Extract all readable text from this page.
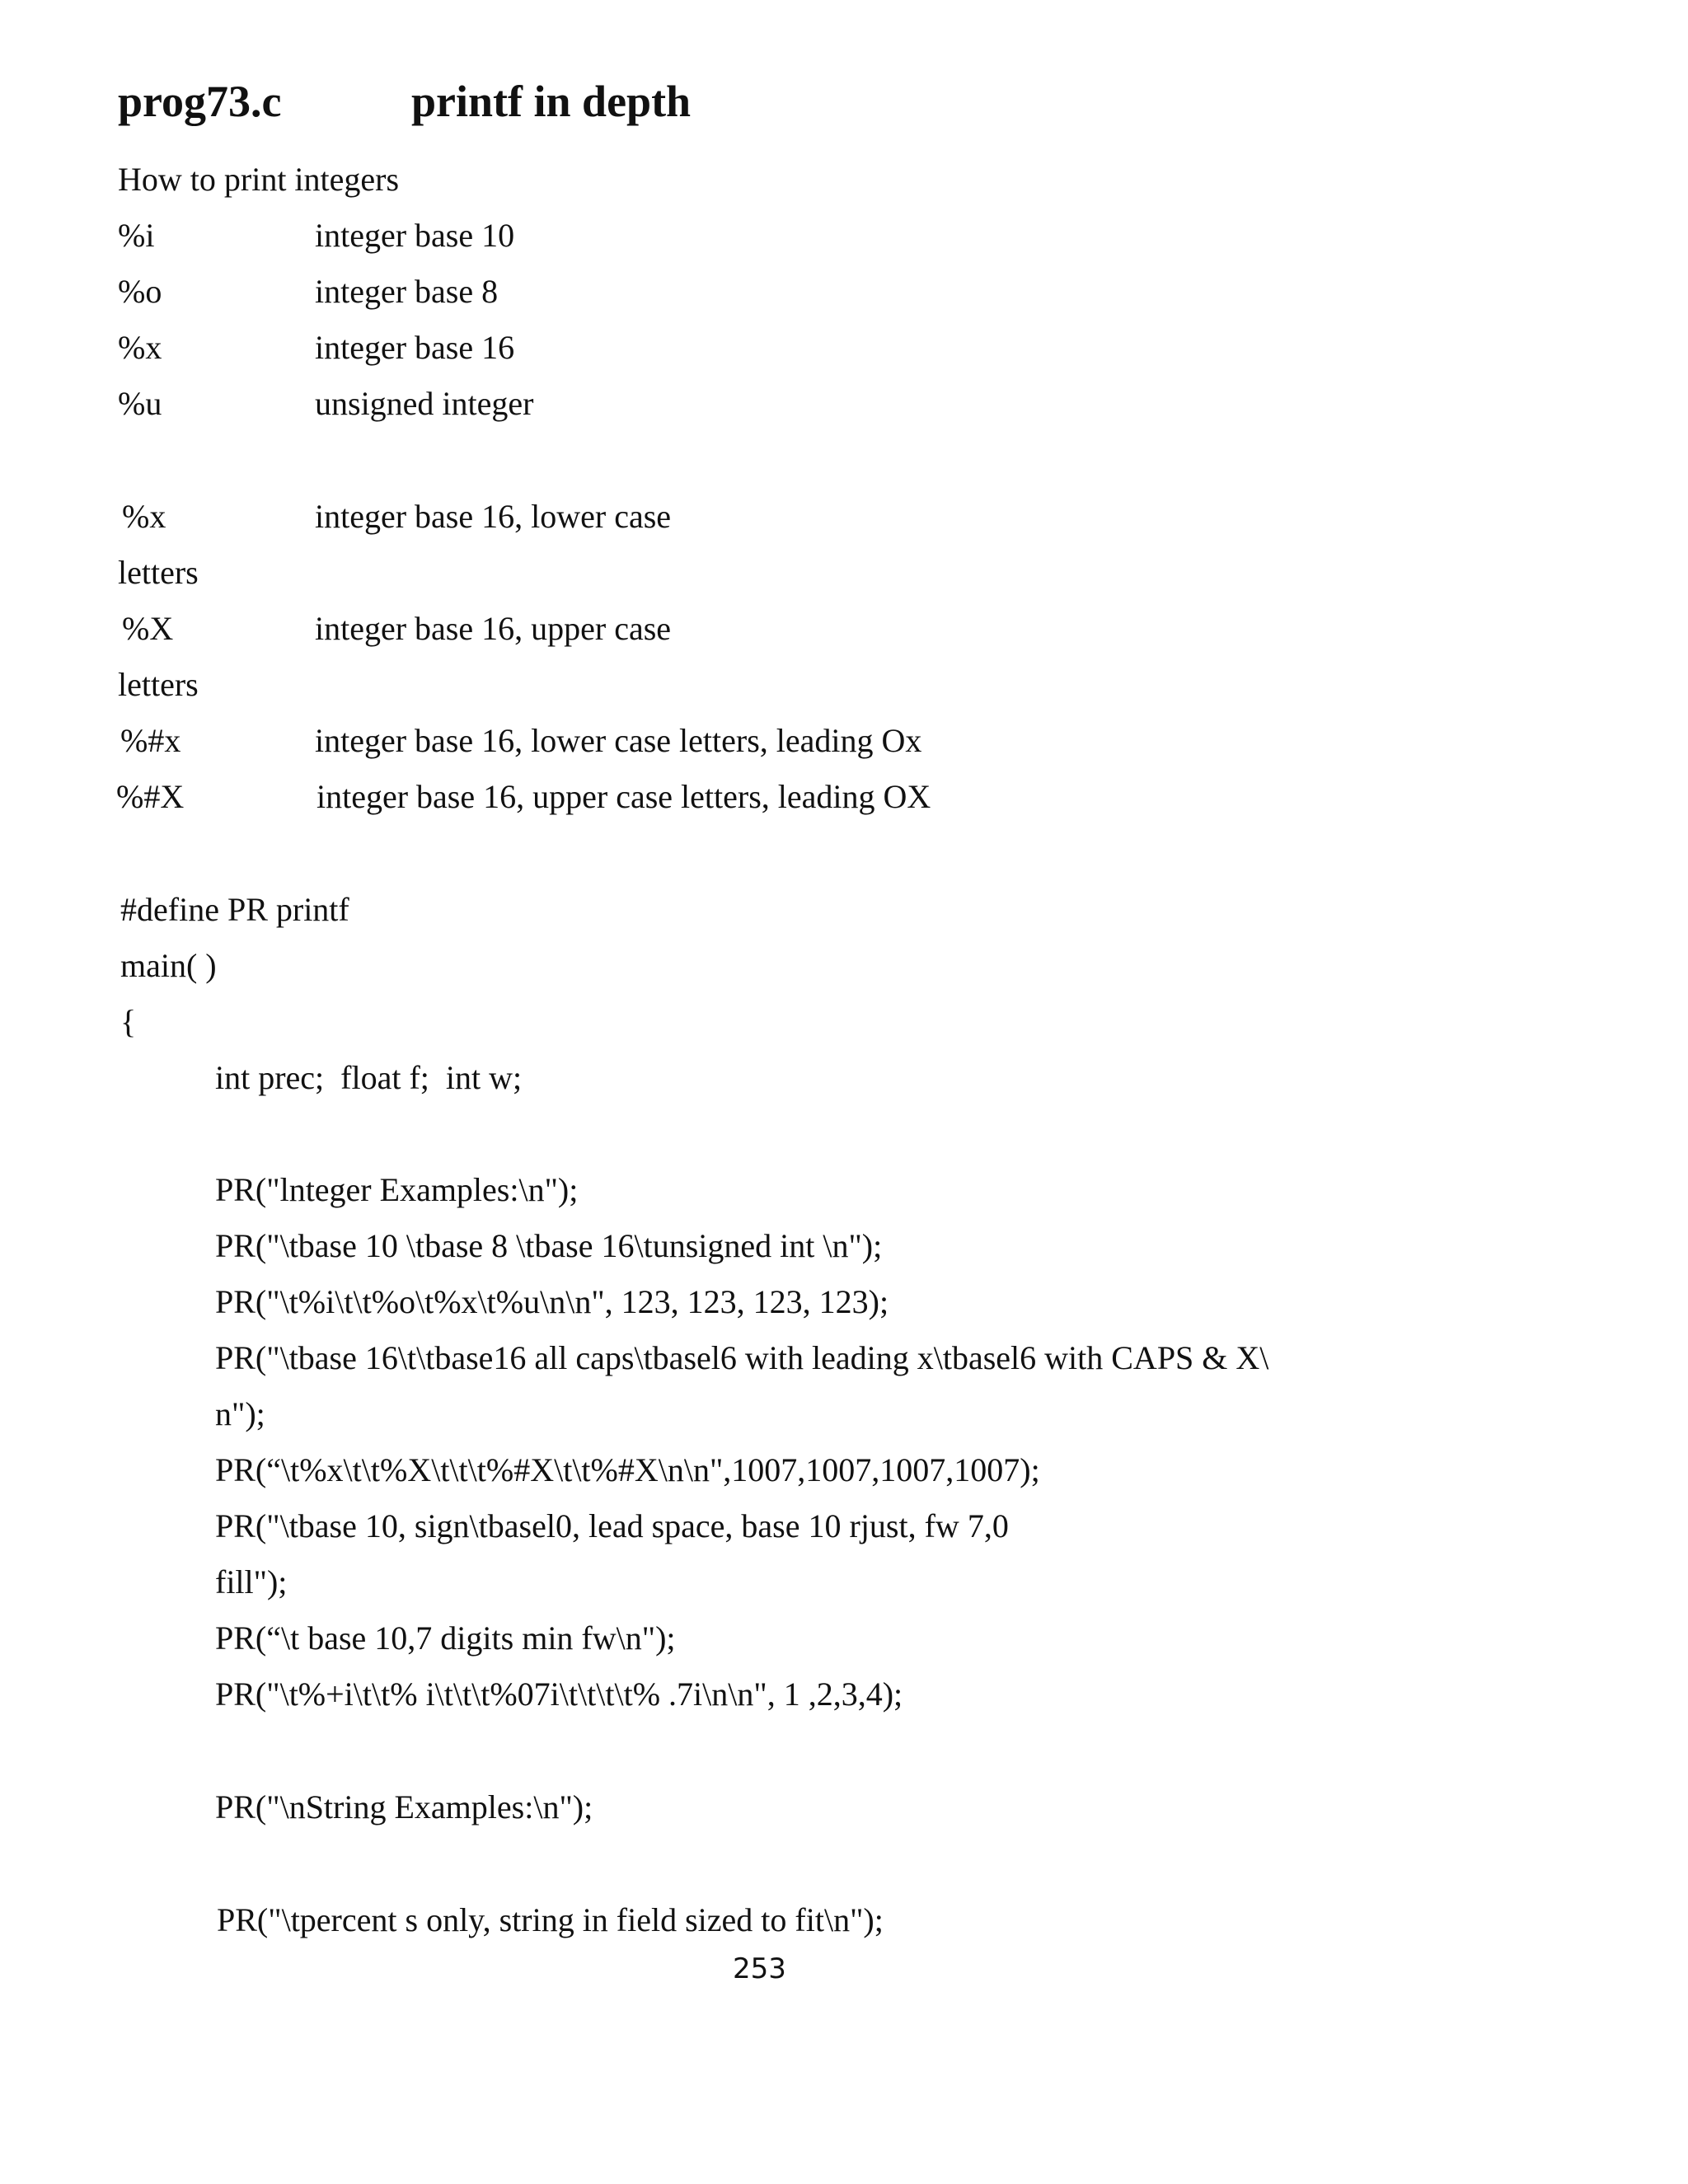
prog73.c	printf in depth
How to print integers
%i	integer base 10
%o	integer base 8
%x	integer base 16
%u	unsigned integer
%x	integer base 16, lower case
letters
%X	integer base 16, upper case
letters
%#x	integer base 16, lower case letters, leading Ox
%#X	integer base 16, upper case letters, leading OX
#define PR printf
main( )
{
int prec;  float f;  int w;
PR("lnteger Examples:\n");
PR("\tbase 10 \tbase 8 \tbase 16\tunsigned int \n");
PR("\t%i\t\t%o\t%x\t%u\n\n", 123, 123, 123, 123);
PR("\tbase 16\t\tbase16 all caps\tbasel6 with leading x\tbasel6 with CAPS & X\
n");
PR(“\t%x\t\t%X\t\t\t%#X\t\t%#X\n\n",1007,1007,1007,1007);
PR("\tbase 10, sign\tbasel0, lead space, base 10 rjust, fw 7,0
fill");
PR(“\t base 10,7 digits min fw\n");
PR("\t%+i\t\t% i\t\t\t%07i\t\t\t\t% .7i\n\n", 1 ,2,3,4);
PR("\nString Examples:\n");
PR("\tpercent s only, string in field sized to fit\n");
253
